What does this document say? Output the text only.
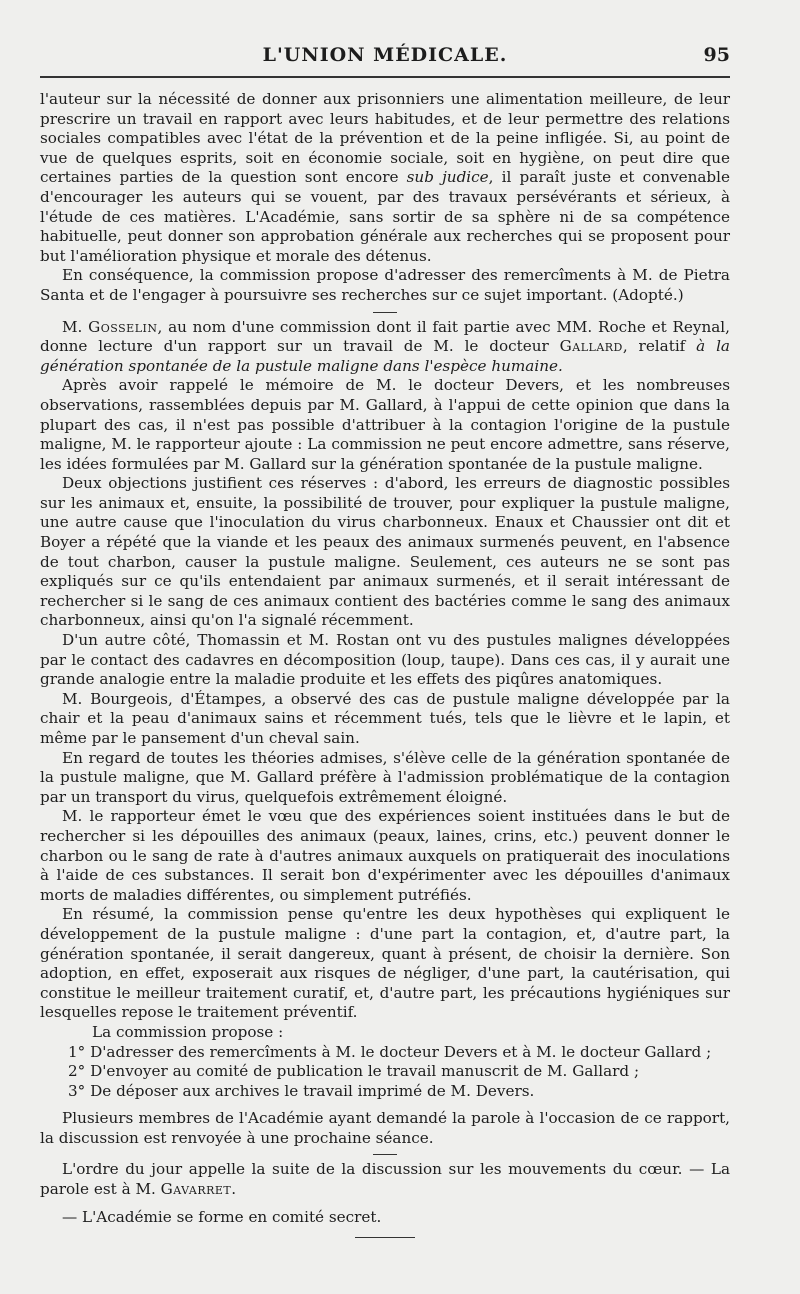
L'UNION MÉDICALE.	95

l'auteur sur la nécessité de donner aux prisonniers une alimentation meilleure, de leur prescrire un travail en rapport avec leurs habitudes, et de leur permettre des relations sociales compatibles avec l'état de la prévention et de la peine infligée. Si, au point de vue de quelques esprits, soit en économie sociale, soit en hygiène, on peut dire que certaines parties de la question sont encore sub judice, il paraît juste et convenable d'encourager les auteurs qui se vouent, par des travaux persévérants et sérieux, à l'étude de ces matières. L'Académie, sans sortir de sa sphère ni de sa compétence habituelle, peut donner son approbation générale aux recherches qui se proposent pour but l'amélioration physique et morale des détenus.

En conséquence, la commission propose d'adresser des remercîments à M. de Pietra Santa et de l'engager à poursuivre ses recherches sur ce sujet important. (Adopté.)

M. Gosselin, au nom d'une commission dont il fait partie avec MM. Roche et Reynal, donne lecture d'un rapport sur un travail de M. le docteur Gallard, relatif à la génération spontanée de la pustule maligne dans l'espèce humaine.

Après avoir rappelé le mémoire de M. le docteur Devers, et les nombreuses observations, rassemblées depuis par M. Gallard, à l'appui de cette opinion que dans la plupart des cas, il n'est pas possible d'attribuer à la contagion l'origine de la pustule maligne, M. le rapporteur ajoute : La commission ne peut encore admettre, sans réserve, les idées formulées par M. Gallard sur la génération spontanée de la pustule maligne.

Deux objections justifient ces réserves : d'abord, les erreurs de diagnostic possibles sur les animaux et, ensuite, la possibilité de trouver, pour expliquer la pustule maligne, une autre cause que l'inoculation du virus charbonneux. Enaux et Chaussier ont dit et Boyer a répété que la viande et les peaux des animaux surmenés peuvent, en l'absence de tout charbon, causer la pustule maligne. Seulement, ces auteurs ne se sont pas expliqués sur ce qu'ils entendaient par animaux surmenés, et il serait intéressant de rechercher si le sang de ces animaux contient des bactéries comme le sang des animaux charbonneux, ainsi qu'on l'a signalé récemment.

D'un autre côté, Thomassin et M. Rostan ont vu des pustules malignes développées par le contact des cadavres en décomposition (loup, taupe). Dans ces cas, il y aurait une grande analogie entre la maladie produite et les effets des piqûres anatomiques.

M. Bourgeois, d'Étampes, a observé des cas de pustule maligne développée par la chair et la peau d'animaux sains et récemment tués, tels que le lièvre et le lapin, et même par le pansement d'un cheval sain.

En regard de toutes les théories admises, s'élève celle de la génération spontanée de la pustule maligne, que M. Gallard préfère à l'admission problématique de la contagion par un transport du virus, quelquefois extrêmement éloigné.

M. le rapporteur émet le vœu que des expériences soient instituées dans le but de rechercher si les dépouilles des animaux (peaux, laines, crins, etc.) peuvent donner le charbon ou le sang de rate à d'autres animaux auxquels on pratiquerait des inoculations à l'aide de ces substances. Il serait bon d'expérimenter avec les dépouilles d'animaux morts de maladies différentes, ou simplement putréfiés.

En résumé, la commission pense qu'entre les deux hypothèses qui expliquent le développement de la pustule maligne : d'une part la contagion, et, d'autre part, la génération spontanée, il serait dangereux, quant à présent, de choisir la dernière. Son adoption, en effet, exposerait aux risques de négliger, d'une part, la cautérisation, qui constitue le meilleur traitement curatif, et, d'autre part, les précautions hygiéniques sur lesquelles repose le traitement préventif.

La commission propose :

1° D'adresser des remercîments à M. le docteur Devers et à M. le docteur Gallard ;

2° D'envoyer au comité de publication le travail manuscrit de M. Gallard ;

3° De déposer aux archives le travail imprimé de M. Devers.

Plusieurs membres de l'Académie ayant demandé la parole à l'occasion de ce rapport, la discussion est renvoyée à une prochaine séance.

L'ordre du jour appelle la suite de la discussion sur les mouvements du cœur. — La parole est à M. Gavarret.

— L'Académie se forme en comité secret.
